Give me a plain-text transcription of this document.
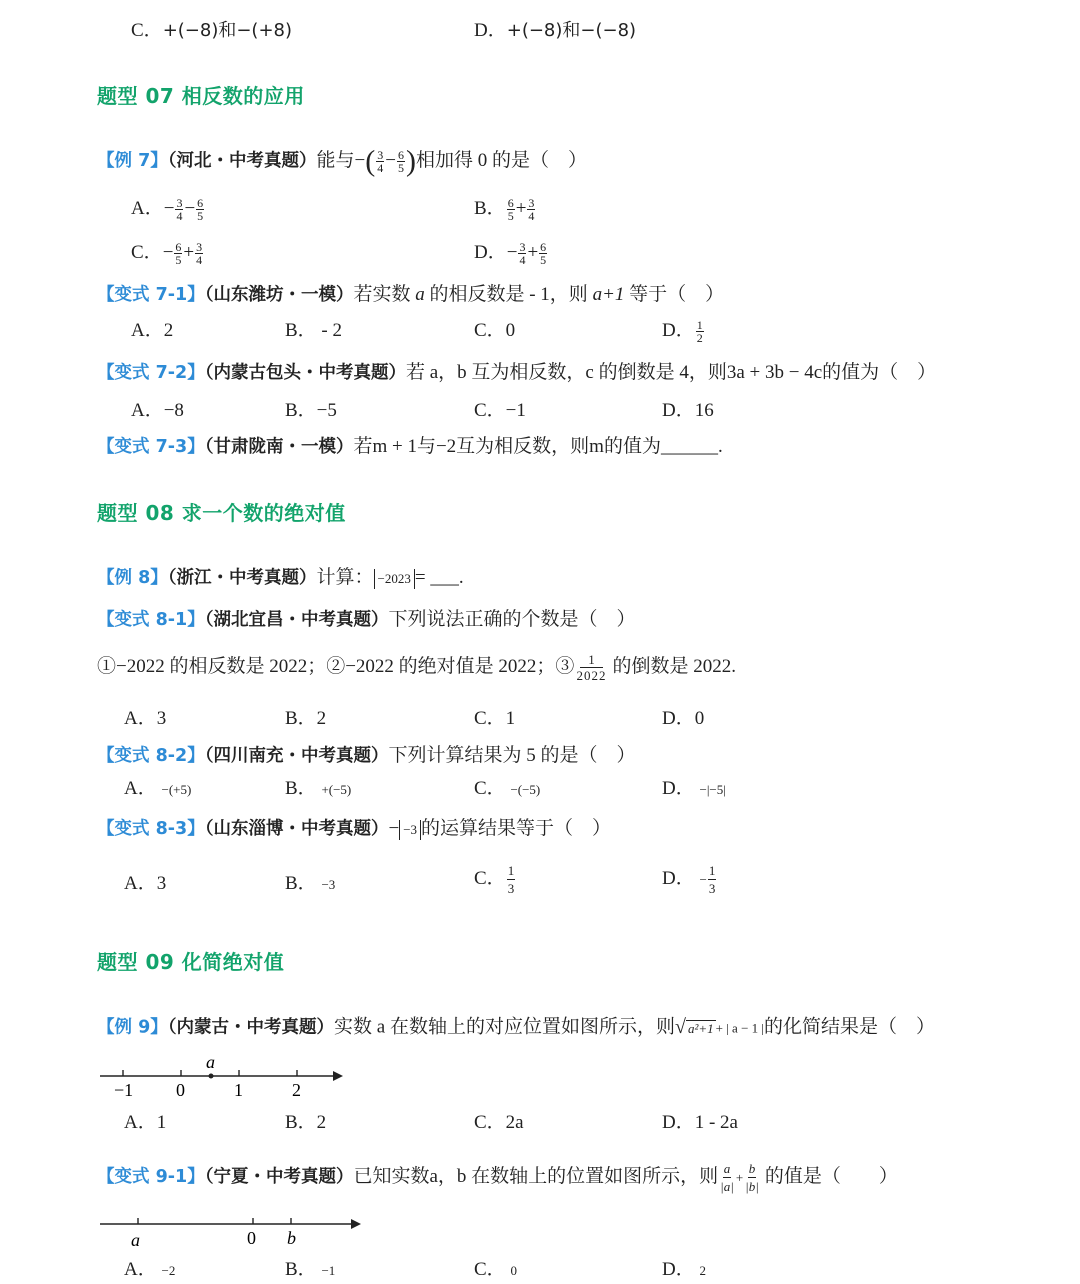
C．+(−8)和−(+8)	D．+(−8)和−(−8)
题型 07 相反数的应用
【例 7】（河北・中考真题）能与−( $\frac{3}{4} - \frac{6}{5}$ )相加得 0 的是（　）
A．− $\frac{3}{4} - \frac{6}{5}$	B． $\frac{6}{5} + \frac{3}{4}$
C．− $\frac{6}{5} + \frac{3}{4}$	D．− $\frac{3}{4} + \frac{6}{5}$
【变式 7-1】（山东潍坊・一模）若实数 a 的相反数是 - 1，则 a+1 等于（　）
A．2	B． - 2	C．0	D． $\frac{1}{2}$
【变式 7-2】（内蒙古包头・中考真题）若 a，b 互为相反数，c 的倒数是 4，则3a + 3b − 4c的值为（　）
A．−8	B．−5	C．−1	D．16
【变式 7-3】（甘肃陇南・一模）若m + 1与−2互为相反数，则m的值为______.
题型 08 求一个数的绝对值
【例 8】（浙江・中考真题）计算： −2023 = ___.
【变式 8-1】（湖北宜昌・中考真题）下列说法正确的个数是（　）
①−2022 的相反数是 2022；②−2022 的绝对值是 2022；③ $\frac{1}{2022}$ 的倒数是 2022.
A．3	B．2	C．1	D．0
【变式 8-2】（四川南充・中考真题）下列计算结果为 5 的是（　）
A． −(+5)	B． +(−5)	C． −(−5)	D． −|−5|
【变式 8-3】（山东淄博・中考真题）− −3 的运算结果等于（　）
A．3	B． −3	C． $\frac{1}{3}$	D． − $\frac{1}{3}$
题型 09 化简绝对值
【例 9】（内蒙古・中考真题）实数 a 在数轴上的对应位置如图所示，则√ a²+1 + | a − 1 |的化简结果是（　）
−1 0	1	2
a
A．1	B．2	C．2a	D．1 - 2a
【变式 9-1】（宁夏・中考真题）已知实数a，b 在数轴上的位置如图所示，则 $\frac{a}{|a|} + \frac{b}{|b|}$ 的值是（　　）
a	0 b
A． −2	B． −1	C． 0	D． 2
